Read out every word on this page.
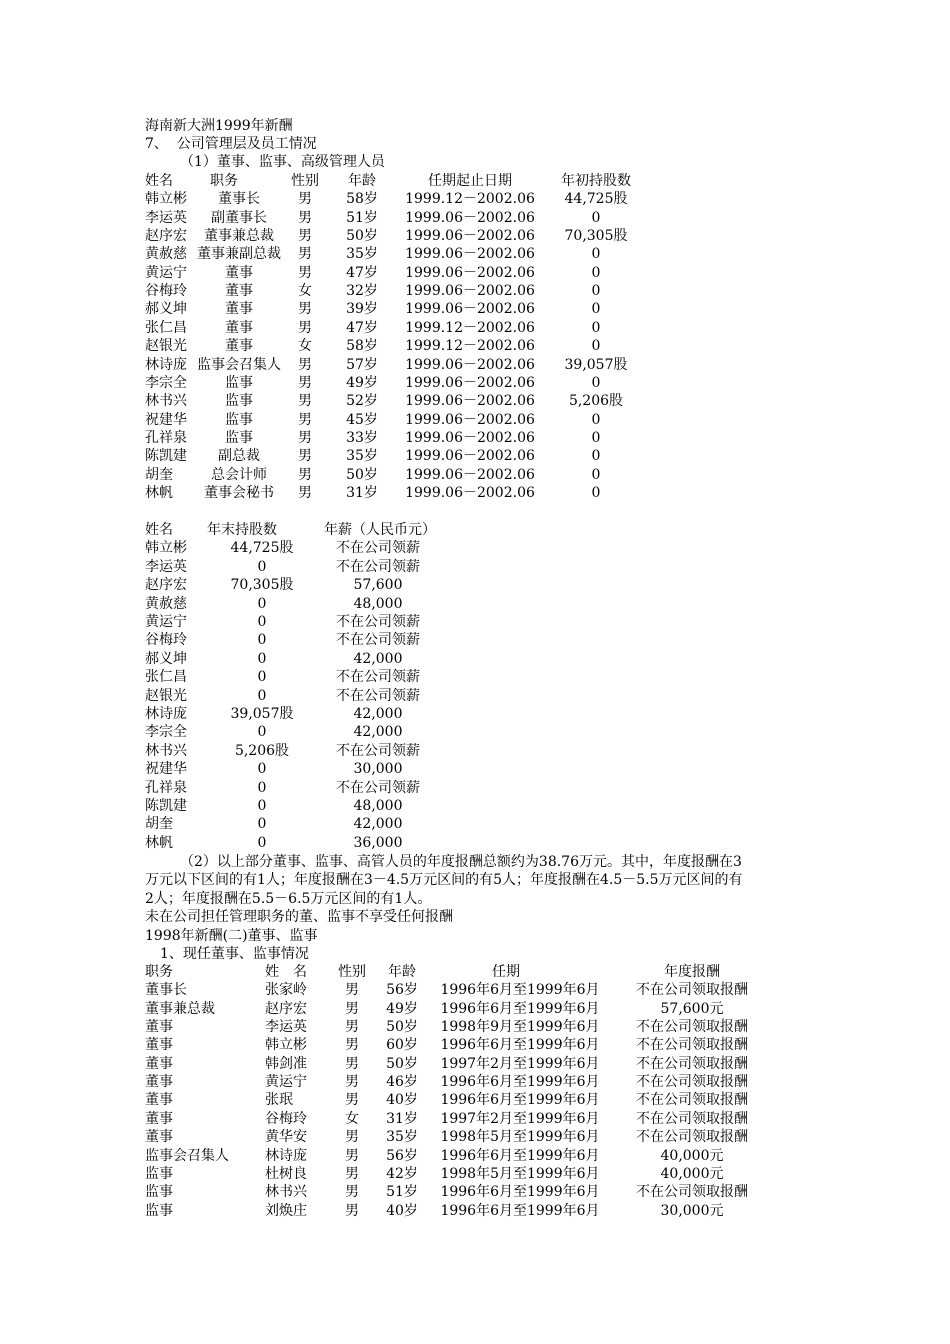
海南新大洲1999年新酬
7、  公司管理层及员工情况
（1）董事、监事、高级管理人员
姓名	职务	性别 年龄	任期起止日期	年初持股数
韩立彬 董事长	男 58岁 1999.12－2002.06 44,725股
李运英 副董事长 男 51岁 1999.06－2002.06	0
赵序宏 董事兼总裁 男 50岁 1999.06－2002.06 70,305股
黄赦慈 董事兼副总裁 男 35岁 1999.06－2002.06	0
黄运宁	董事	男 47岁 1999.06－2002.06	0
谷梅玲	董事	女 32岁 1999.06－2002.06	0
郝义坤	董事	男 39岁 1999.06－2002.06	0
张仁昌	董事	男 47岁 1999.12－2002.06	0
赵银光	董事	女 58岁 1999.12－2002.06	0
林诗庞 监事会召集人 男 57岁 1999.06－2002.06 39,057股
李宗全	监事	男 49岁 1999.06－2002.06	0
林书兴	监事	男 52岁 1999.06－2002.06 5,206股
祝建华	监事	男 45岁 1999.06－2002.06	0
孔祥泉	监事	男 33岁 1999.06－2002.06	0
陈凯建 副总裁	男 35岁 1999.06－2002.06	0
胡奎	总会计师 男 50岁 1999.06－2002.06	0
林帆 董事会秘书 男 31岁 1999.06－2002.06	0
姓名 年末持股数	年薪（人民币元）
韩立彬	44,725股	不在公司领薪
李运英	0	不在公司领薪
赵序宏	70,305股	57,600
黄赦慈	0	48,000
黄运宁	0	不在公司领薪
谷梅玲	0	不在公司领薪
郝义坤	0	42,000
张仁昌	0	不在公司领薪
赵银光	0	不在公司领薪
林诗庞	39,057股	42,000
李宗全	0	42,000
林书兴	5,206股	不在公司领薪
祝建华	0	30,000
孔祥泉	0	不在公司领薪
陈凯建	0	48,000
胡奎	0	42,000
林帆	0	36,000
（2）以上部分董事、监事、高管人员的年度报酬总额约为38.76万元。其中，年度报酬在3 万元以下区间的有1人；年度报酬在3－4.5万元区间的有5人；年度报酬在4.5－5.5万元区间的有2人；年度报酬在5.5－6.5万元区间的有1人。
未在公司担任管理职务的董、监事不享受任何报酬
1998年新酬(二)董事、监事
1、现任董事、监事情况
职务	姓　名 性别 年龄	任期	年度报酬
董事长	张家岭	男 56岁 1996年6月至1999年6月	不在公司领取报酬
董事兼总裁	赵序宏	男 49岁 1996年6月至1999年6月	57,600元
董事	李运英	男 50岁 1998年9月至1999年6月	不在公司领取报酬
董事	韩立彬	男 60岁 1996年6月至1999年6月	不在公司领取报酬
董事	韩剑准	男 50岁 1997年2月至1999年6月	不在公司领取报酬
董事	黄运宁	男 46岁 1996年6月至1999年6月	不在公司领取报酬
董事	张珉	男 40岁 1996年6月至1999年6月	不在公司领取报酬
董事	谷梅玲	女 31岁 1997年2月至1999年6月	不在公司领取报酬
董事	黄华安	男 35岁 1998年5月至1999年6月	不在公司领取报酬
监事会召集人	林诗庞	男 56岁 1996年6月至1999年6月	40,000元
监事	杜树良	男 42岁 1998年5月至1999年6月	40,000元
监事	林书兴	男 51岁 1996年6月至1999年6月	不在公司领取报酬
监事	刘焕庄	男 40岁 1996年6月至1999年6月	30,000元
